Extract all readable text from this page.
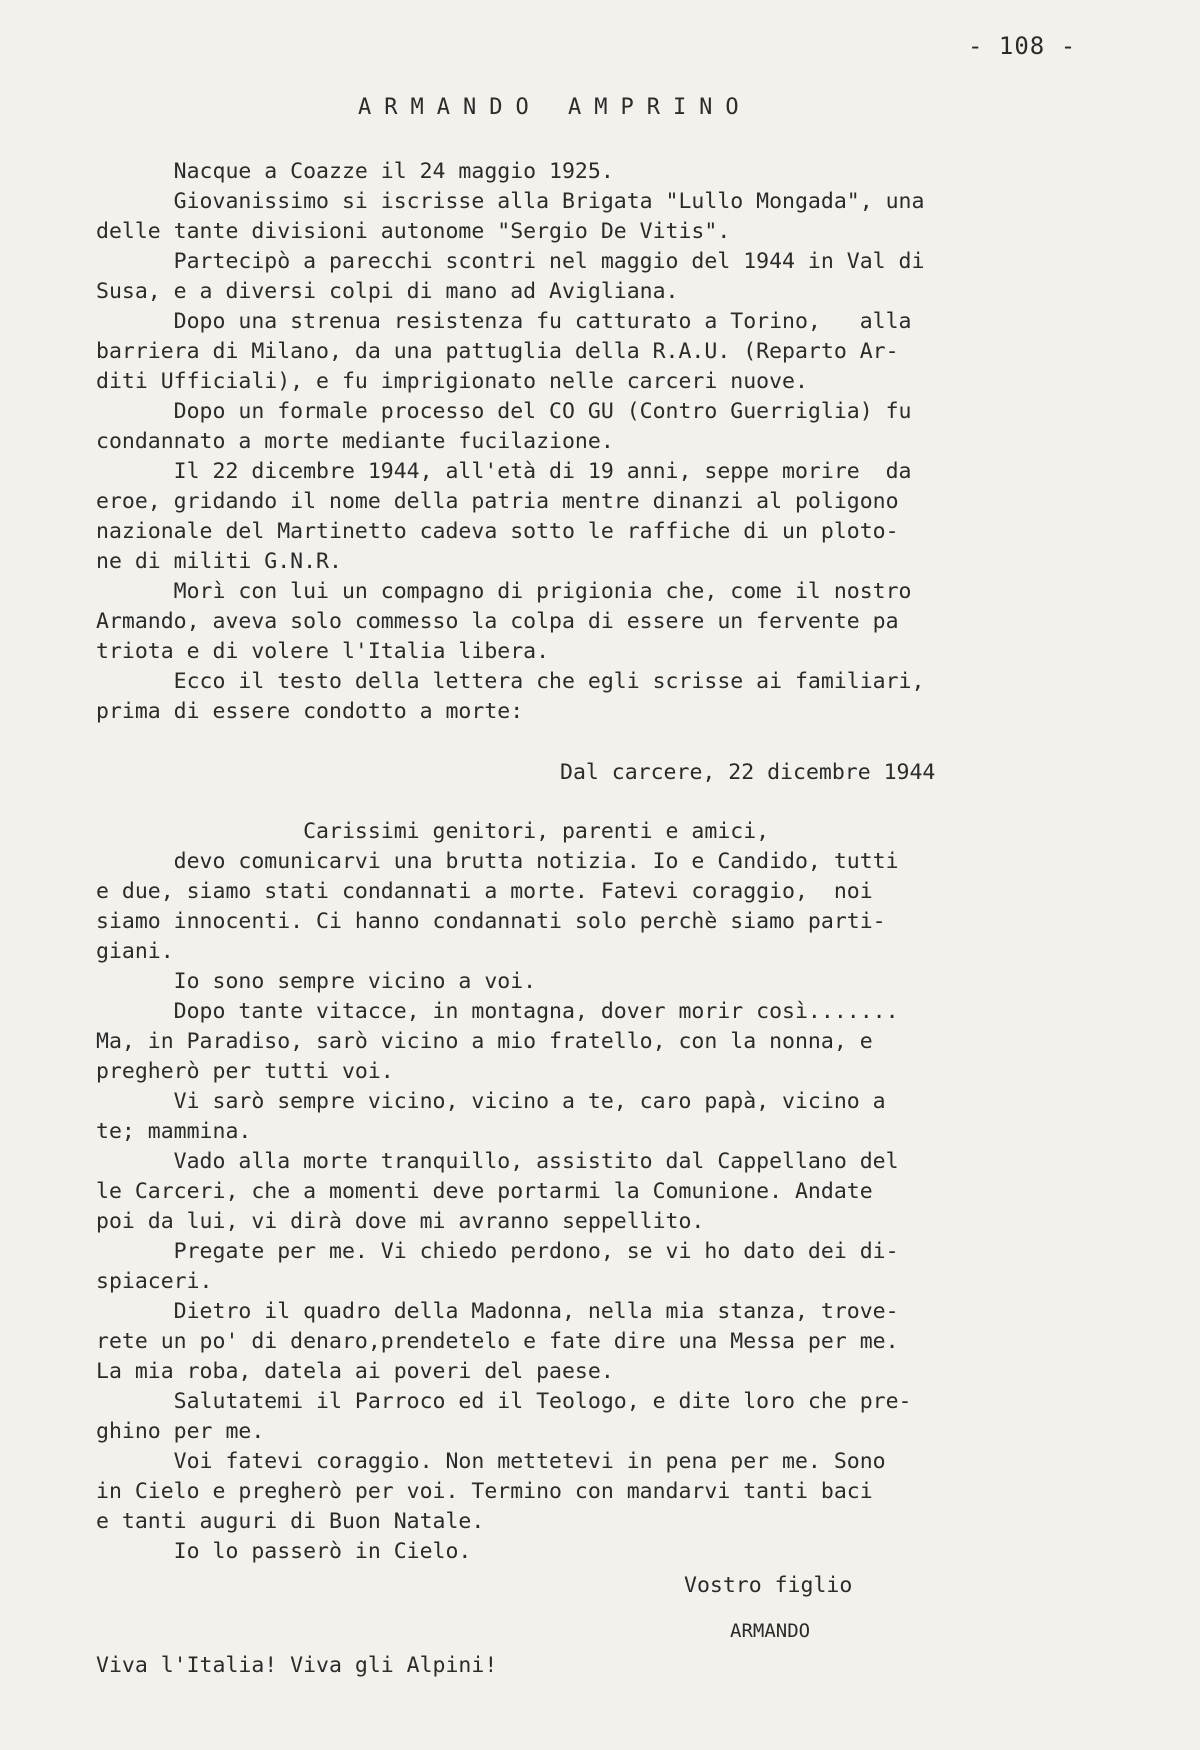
- 108 -
ARMANDO AMPRINO
Nacque a Coazze il 24 maggio 1925.
Giovanissimo si iscrisse alla Brigata "Lullo Mongada", una
delle tante divisioni autonome "Sergio De Vitis".
Partecipò a parecchi scontri nel maggio del 1944 in Val di
Susa, e a diversi colpi di mano ad Avigliana.
Dopo una strenua resistenza fu catturato a Torino,   alla
barriera di Milano, da una pattuglia della R.A.U. (Reparto Ar-
diti Ufficiali), e fu imprigionato nelle carceri nuove.
Dopo un formale processo del CO GU (Contro Guerriglia) fu
condannato a morte mediante fucilazione.
Il 22 dicembre 1944, all'età di 19 anni, seppe morire  da
eroe, gridando il nome della patria mentre dinanzi al poligono
nazionale del Martinetto cadeva sotto le raffiche di un ploto-
ne di militi G.N.R.
Morì con lui un compagno di prigionia che, come il nostro
Armando, aveva solo commesso la colpa di essere un fervente pa
triota e di volere l'Italia libera.
Ecco il testo della lettera che egli scrisse ai familiari,
prima di essere condotto a morte:
Dal carcere, 22 dicembre 1944
Carissimi genitori, parenti e amici,
devo comunicarvi una brutta notizia. Io e Candido, tutti
e due, siamo stati condannati a morte. Fatevi coraggio,  noi
siamo innocenti. Ci hanno condannati solo perchè siamo parti-
giani.
Io sono sempre vicino a voi.
Dopo tante vitacce, in montagna, dover morir così.......
Ma, in Paradiso, sarò vicino a mio fratello, con la nonna, e
pregherò per tutti voi.
Vi sarò sempre vicino, vicino a te, caro papà, vicino a
te; mammina.
Vado alla morte tranquillo, assistito dal Cappellano del
le Carceri, che a momenti deve portarmi la Comunione. Andate
poi da lui, vi dirà dove mi avranno seppellito.
Pregate per me. Vi chiedo perdono, se vi ho dato dei di-
spiaceri.
Dietro il quadro della Madonna, nella mia stanza, trove-
rete un po' di denaro,prendetelo e fate dire una Messa per me.
La mia roba, datela ai poveri del paese.
Salutatemi il Parroco ed il Teologo, e dite loro che pre-
ghino per me.
Voi fatevi coraggio. Non mettetevi in pena per me. Sono
in Cielo e pregherò per voi. Termino con mandarvi tanti baci
e tanti auguri di Buon Natale.
Io lo passerò in Cielo.
Vostro figlio
ARMANDO
Viva l'Italia! Viva gli Alpini!
